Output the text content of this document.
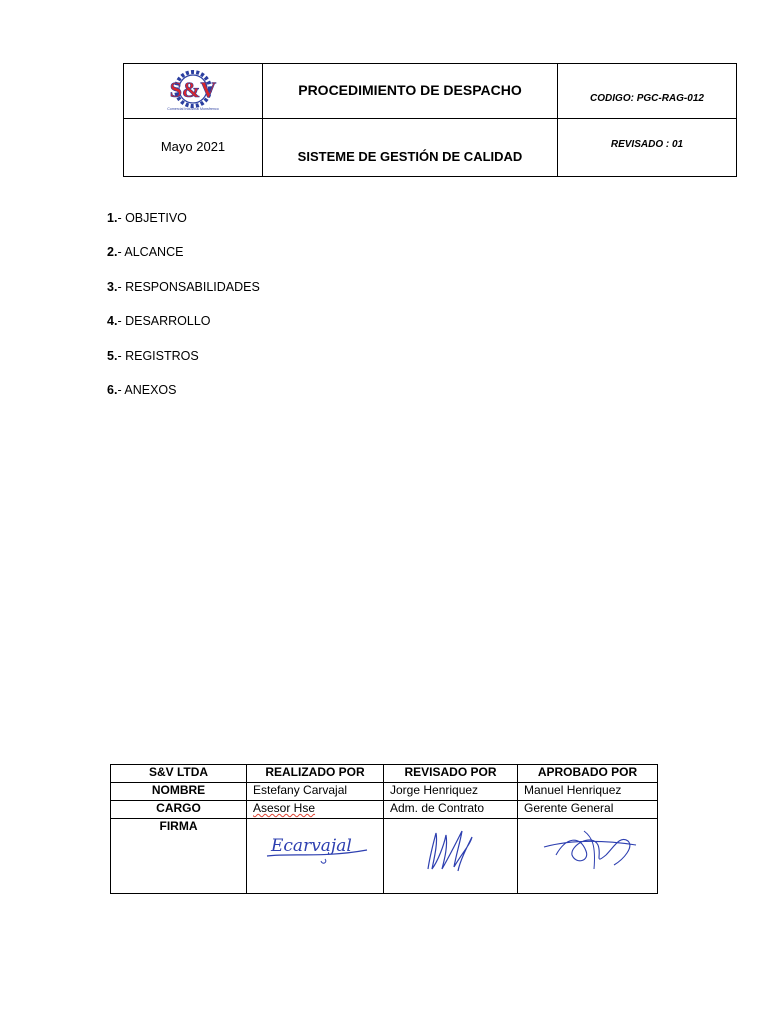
S&V
Comercial Industrial Monsfrenco	PROCEDIMIENTO DE DESPACHO	$_{CODIGO: PGC-RAG-012}$
Mayo 2021	SISTEME DE GESTIÓN DE CALIDAD	REVISADO : 01
1.- OBJETIVO
2.- ALCANCE
3.- RESPONSABILIDADES
4.- DESARROLLO
5.- REGISTROS
6.- ANEXOS
S&V LTDA	REALIZADO POR	REVISADO POR	APROBADO POR
NOMBRE	Estefany Carvajal	Jorge Henriquez	Manuel Henriquez
CARGO	Asesor Hse	Adm. de Contrato	Gerente General
FIRMA	Ecarvajal
